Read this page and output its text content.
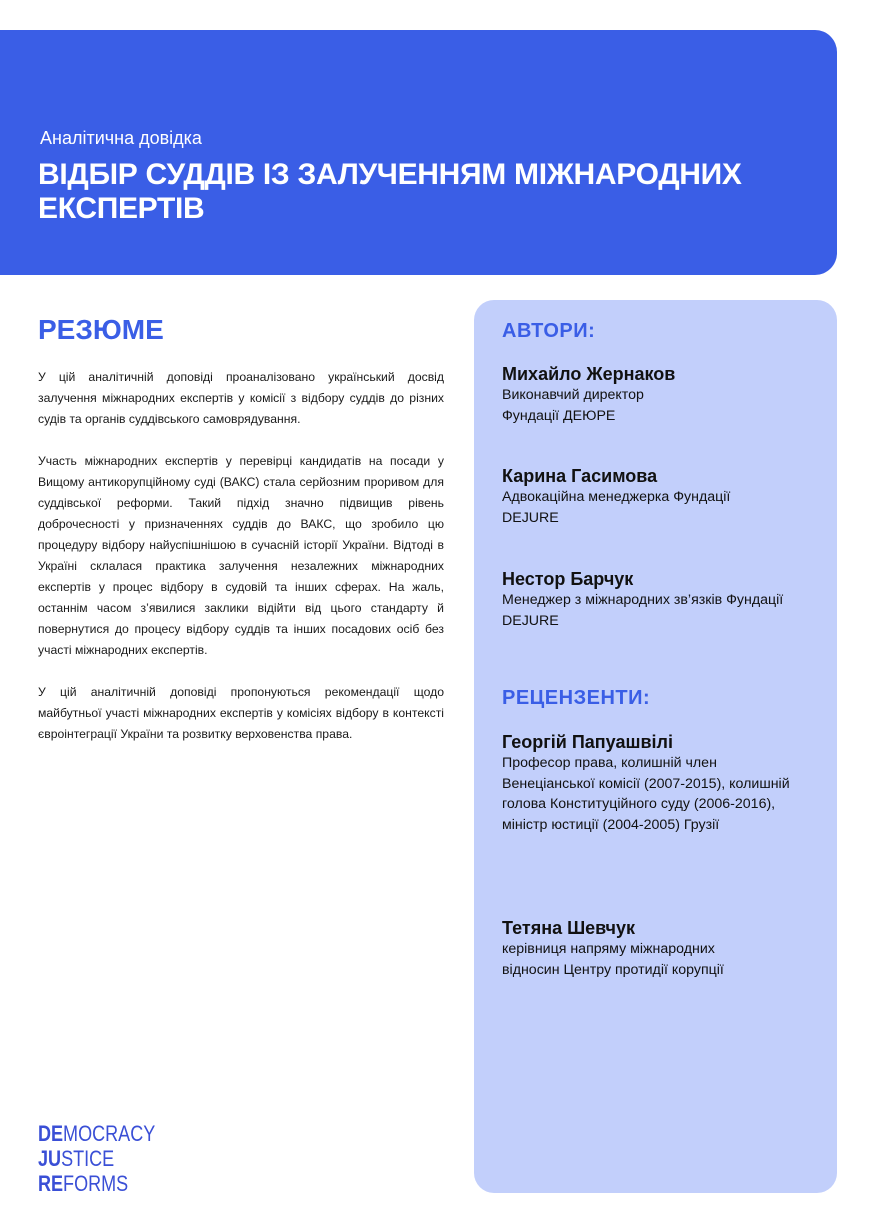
Аналітична довідка
ВІДБІР СУДДІВ ІЗ ЗАЛУЧЕННЯМ МІЖНАРОДНИХ ЕКСПЕРТІВ
РЕЗЮМЕ

У цій аналітичній доповіді проаналізовано український досвід залучення міжнародних експертів у комісії з відбору суддів до різних судів та органів суддівського самоврядування.

Участь міжнародних експертів у перевірці кандидатів на посади у Вищому антикорупційному суді (ВАКС) стала серйозним проривом для суддівської реформи. Такий підхід значно підвищив рівень доброчесності у призначеннях суддів до ВАКС, що зробило цю процедуру відбору найуспішнішою в сучасній історії України. Відтоді в Україні склалася практика залучення незалежних міжнародних експертів у процес відбору в судовій та інших сферах. На жаль, останнім часом з’явилися заклики відійти від цього стандарту й повернутися до процесу відбору суддів та інших посадових осіб без участі міжнародних експертів.

У цій аналітичній доповіді пропонуються рекомендації щодо майбутньої участі міжнародних експертів у комісіях відбору в контексті євроінтеграції України та розвитку верховенства права.

АВТОРИ:
Михайло Жернаков
Виконавчий директор Фундації ДЕЮРЕ
Карина Гасимова
Адвокаційна менеджерка Фундації DEJURE
Нестор Барчук
Менеджер з міжнародних зв’язків Фундації DEJURE
РЕЦЕНЗЕНТИ:
Георгій Папуашвілі
Професор права, колишній член Венеціанської комісії (2007-2015), колишній голова Конституційного суду (2006-2016), міністр юстиції (2004-2005) Грузії
Тетяна Шевчук
керівниця напряму міжнародних відносин Центру протидії корупції
DEMOCRACY
JUSTICE
REFORMS
